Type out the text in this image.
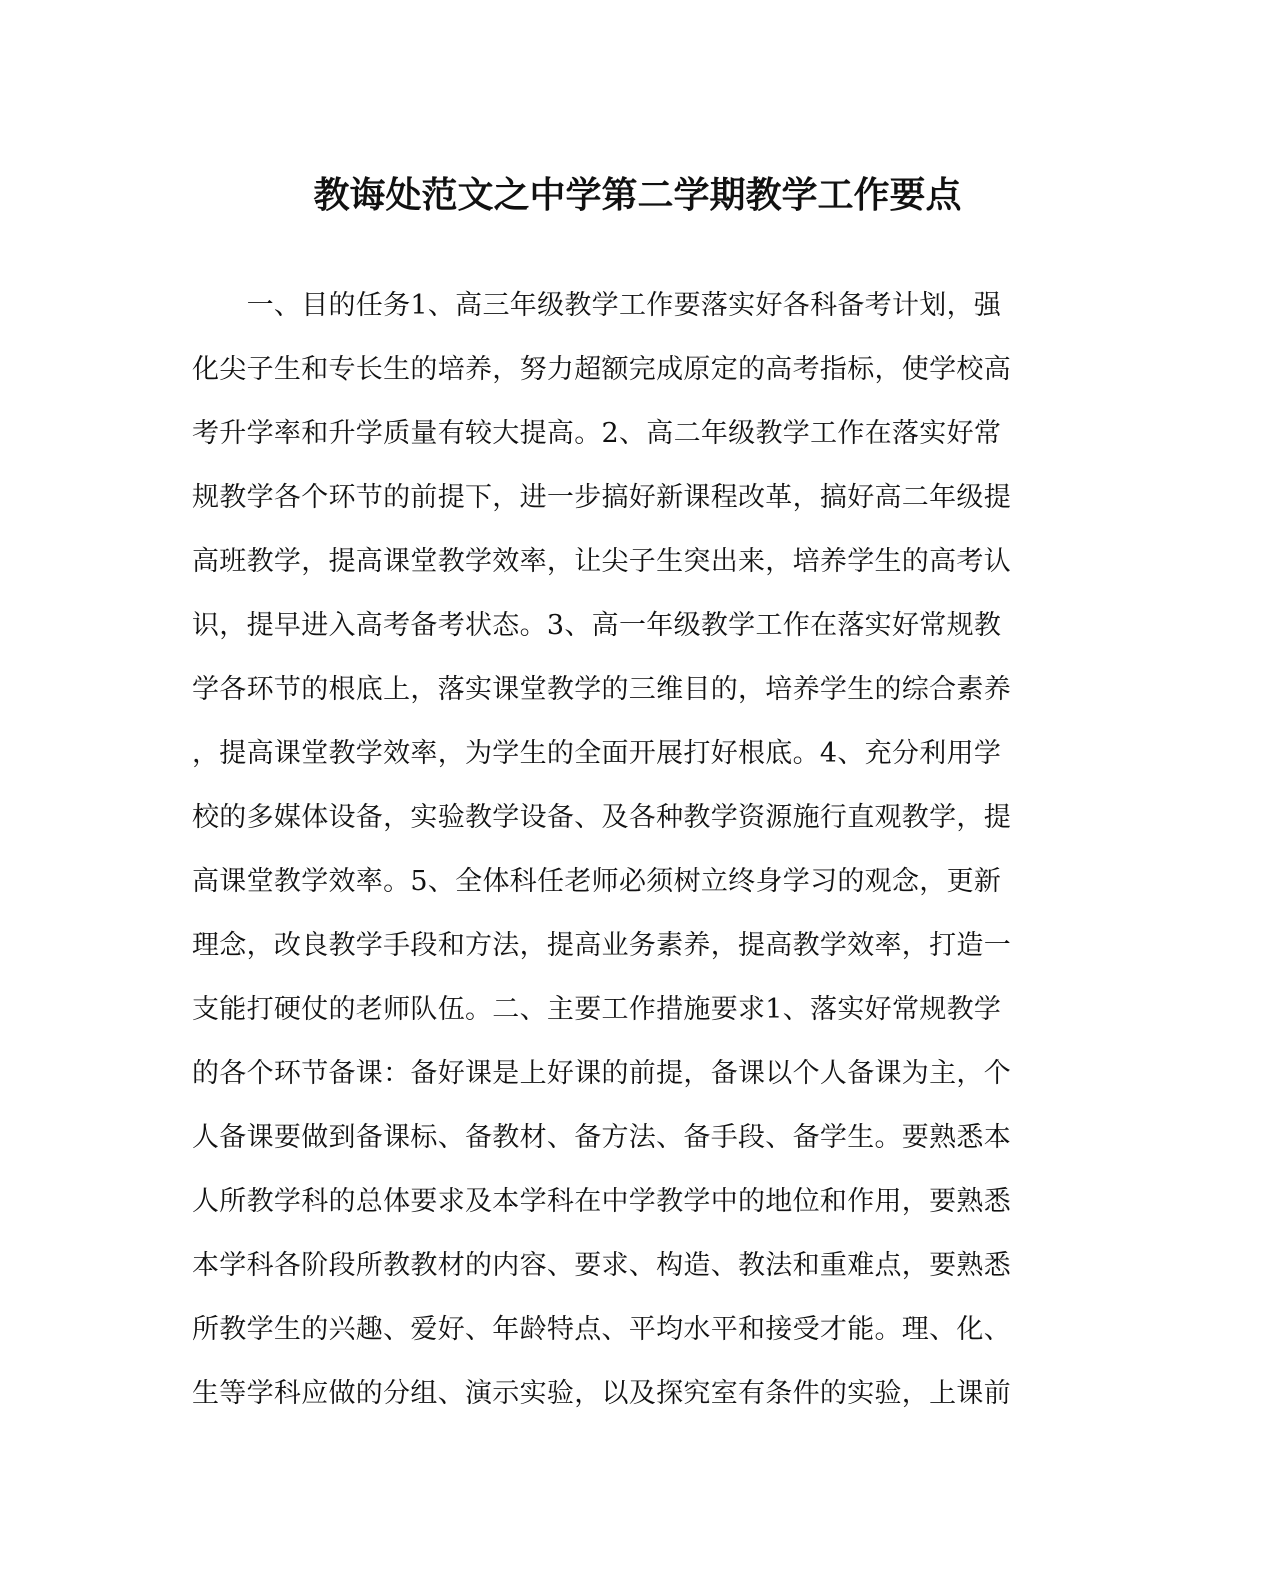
教诲处范文之中学第二学期教学工作要点
　　一、目的任务1、高三年级教学工作要落实好各科备考计划，强
化尖子生和专长生的培养，努力超额完成原定的高考指标，使学校高
考升学率和升学质量有较大提高。2、高二年级教学工作在落实好常
规教学各个环节的前提下，进一步搞好新课程改革，搞好高二年级提
高班教学，提高课堂教学效率，让尖子生突出来，培养学生的高考认
识，提早进入高考备考状态。3、高一年级教学工作在落实好常规教
学各环节的根底上，落实课堂教学的三维目的，培养学生的综合素养
，提高课堂教学效率，为学生的全面开展打好根底。4、充分利用学
校的多媒体设备，实验教学设备、及各种教学资源施行直观教学，提
高课堂教学效率。5、全体科任老师必须树立终身学习的观念，更新
理念，改良教学手段和方法，提高业务素养，提高教学效率，打造一
支能打硬仗的老师队伍。二、主要工作措施要求1、落实好常规教学
的各个环节备课：备好课是上好课的前提，备课以个人备课为主，个
人备课要做到备课标、备教材、备方法、备手段、备学生。要熟悉本
人所教学科的总体要求及本学科在中学教学中的地位和作用，要熟悉
本学科各阶段所教教材的内容、要求、构造、教法和重难点，要熟悉
所教学生的兴趣、爱好、年龄特点、平均水平和接受才能。理、化、
生等学科应做的分组、演示实验，以及探究室有条件的实验，上课前
